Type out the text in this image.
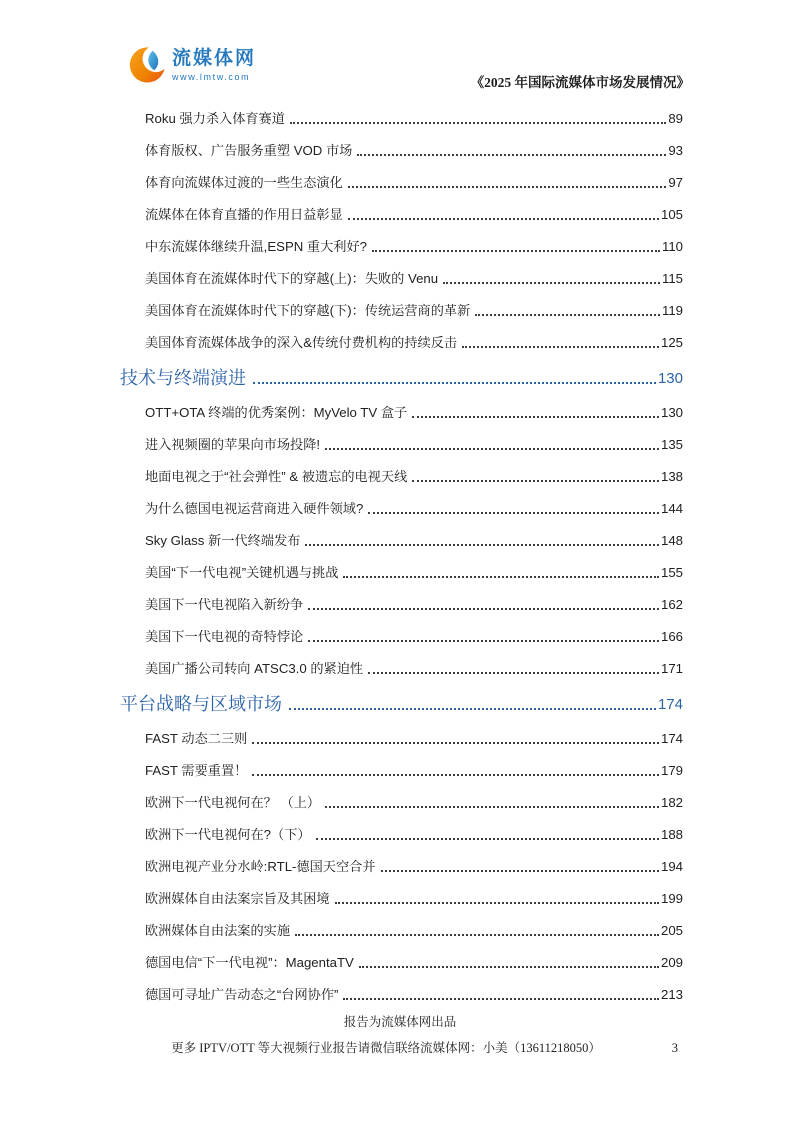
流媒体网
www.lmtw.com	《2025 年国际流媒体市场发展情况》
Roku 强力杀入体育赛道	89
体育版权、广告服务重塑 VOD 市场	93
体育向流媒体过渡的一些生态演化	97
流媒体在体育直播的作用日益彰显	105
中东流媒体继续升温,ESPN 重大利好?	110
美国体育在流媒体时代下的穿越(上)：失败的 Venu	115
美国体育在流媒体时代下的穿越(下)：传统运营商的革新	119
美国体育流媒体战争的深入&传统付费机构的持续反击	125
技术与终端演进	130
OTT+OTA 终端的优秀案例：MyVelo TV 盒子	130
进入视频圈的苹果向市场投降!	135
地面电视之于“社会弹性” & 被遗忘的电视天线	138
为什么德国电视运营商进入硬件领域?	144
Sky Glass 新一代终端发布	148
美国“下一代电视”关键机遇与挑战	155
美国下一代电视陷入新纷争	162
美国下一代电视的奇特悖论	166
美国广播公司转向 ATSC3.0 的紧迫性	171
平台战略与区域市场	174
FAST 动态二三则	174
FAST 需要重置！	179
欧洲下一代电视何在？ （上）	182
欧洲下一代电视何在?（下）	188
欧洲电视产业分水岭:RTL-德国天空合并	194
欧洲媒体自由法案宗旨及其困境	199
欧洲媒体自由法案的实施	205
德国电信“下一代电视”：MagentaTV	209
德国可寻址广告动态之“台网协作”	213
报告为流媒体网出品
更多 IPTV/OTT 等大视频行业报告请微信联络流媒体网：小美（13611218050）	3
